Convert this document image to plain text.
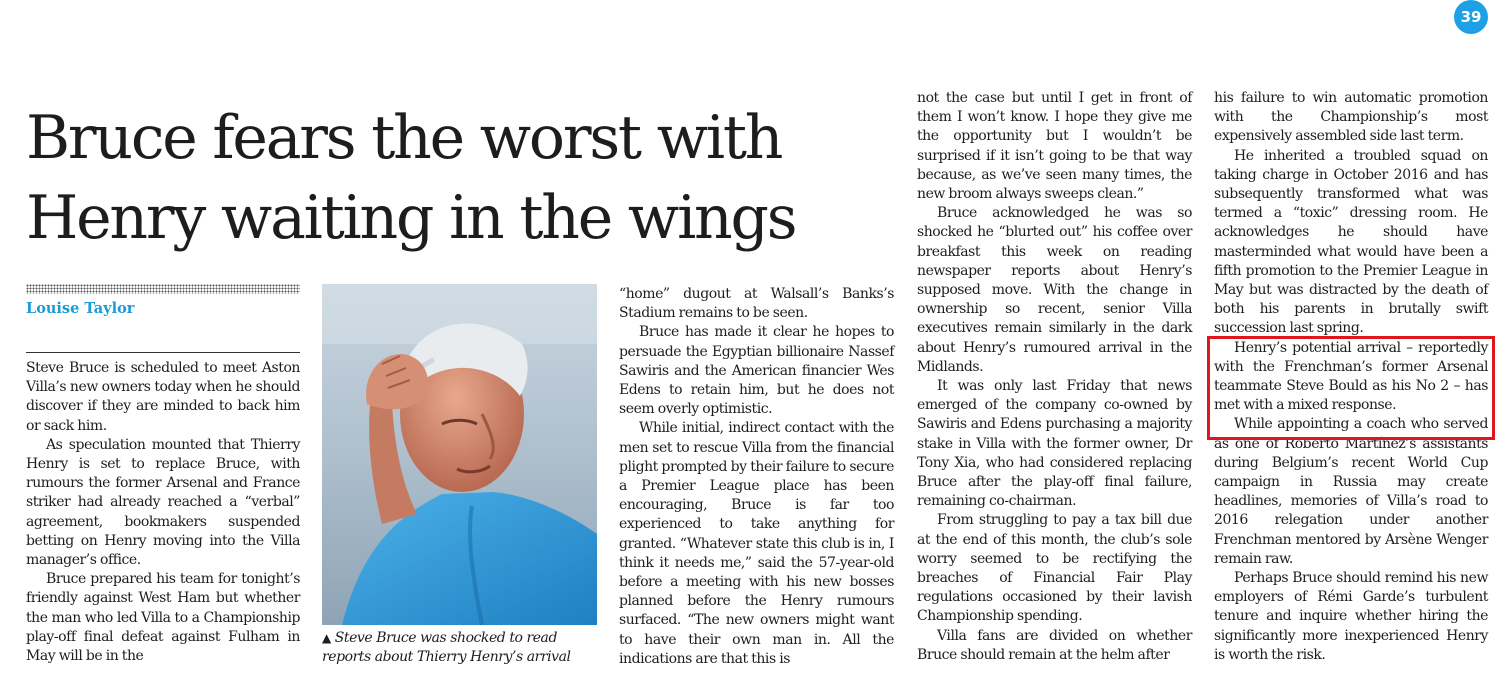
39
Bruce fears the worst with
Henry waiting in the wings
Louise Taylor

Steve Bruce is scheduled to meet Aston Villa’s new owners today when he should discover if they are minded to back him or sack him.

As speculation mounted that Thierry Henry is set to replace Bruce, with rumours the former Arsenal and France striker had already reached a “verbal” agreement, bookmakers suspended betting on Henry moving into the Villa manager’s office.

Bruce prepared his team for tonight’s friendly against West Ham but whether the man who led Villa to a Championship play-off final defeat against Fulham in May will be in the

▲ Steve Bruce was shocked to read reports about Thierry Henry’s arrival

“home” dugout at Walsall’s Banks’s Stadium remains to be seen.

Bruce has made it clear he hopes to persuade the Egyptian billionaire Nassef Sawiris and the American financier Wes Edens to retain him, but he does not seem overly optimistic.

While initial, indirect contact with the men set to rescue Villa from the financial plight prompted by their failure to secure a Premier League place has been encouraging, Bruce is far too experienced to take anything for granted. “Whatever state this club is in, I think it needs me,” said the 57-year-old before a meeting with his new bosses planned before the Henry rumours surfaced. “The new owners might want to have their own man in. All the indications are that this is

not the case but until I get in front of them I won’t know. I hope they give me the opportunity but I wouldn’t be surprised if it isn’t going to be that way because, as we’ve seen many times, the new broom always sweeps clean.”

Bruce acknowledged he was so shocked he “blurted out” his coffee over breakfast this week on reading newspaper reports about Henry’s supposed move. With the change in ownership so recent, senior Villa executives remain similarly in the dark about Henry’s rumoured arrival in the Midlands.

It was only last Friday that news emerged of the company co-owned by Sawiris and Edens purchasing a majority stake in Villa with the former owner, Dr Tony Xia, who had considered replacing Bruce after the play-off final failure, remaining co-chairman.

From struggling to pay a tax bill due at the end of this month, the club’s sole worry seemed to be rectifying the breaches of Financial Fair Play regulations occasioned by their lavish Championship spending.

Villa fans are divided on whether Bruce should remain at the helm after

his failure to win automatic promotion with the Championship’s most expensively assembled side last term.

He inherited a troubled squad on taking charge in October 2016 and has subsequently transformed what was termed a “toxic” dressing room. He acknowledges he should have masterminded what would have been a fifth promotion to the Premier League in May but was distracted by the death of both his parents in brutally swift succession last spring.

Henry’s potential arrival – reportedly with the Frenchman’s former Arsenal teammate Steve Bould as his No 2 – has met with a mixed response.

While appointing a coach who served as one of Roberto Martínez’s assistants during Belgium’s recent World Cup campaign in Russia may create headlines, memories of Villa’s road to 2016 relegation under another Frenchman mentored by Arsène Wenger remain raw.

Perhaps Bruce should remind his new employers of Rémi Garde’s turbulent tenure and inquire whether hiring the significantly more inexperienced Henry is worth the risk.
